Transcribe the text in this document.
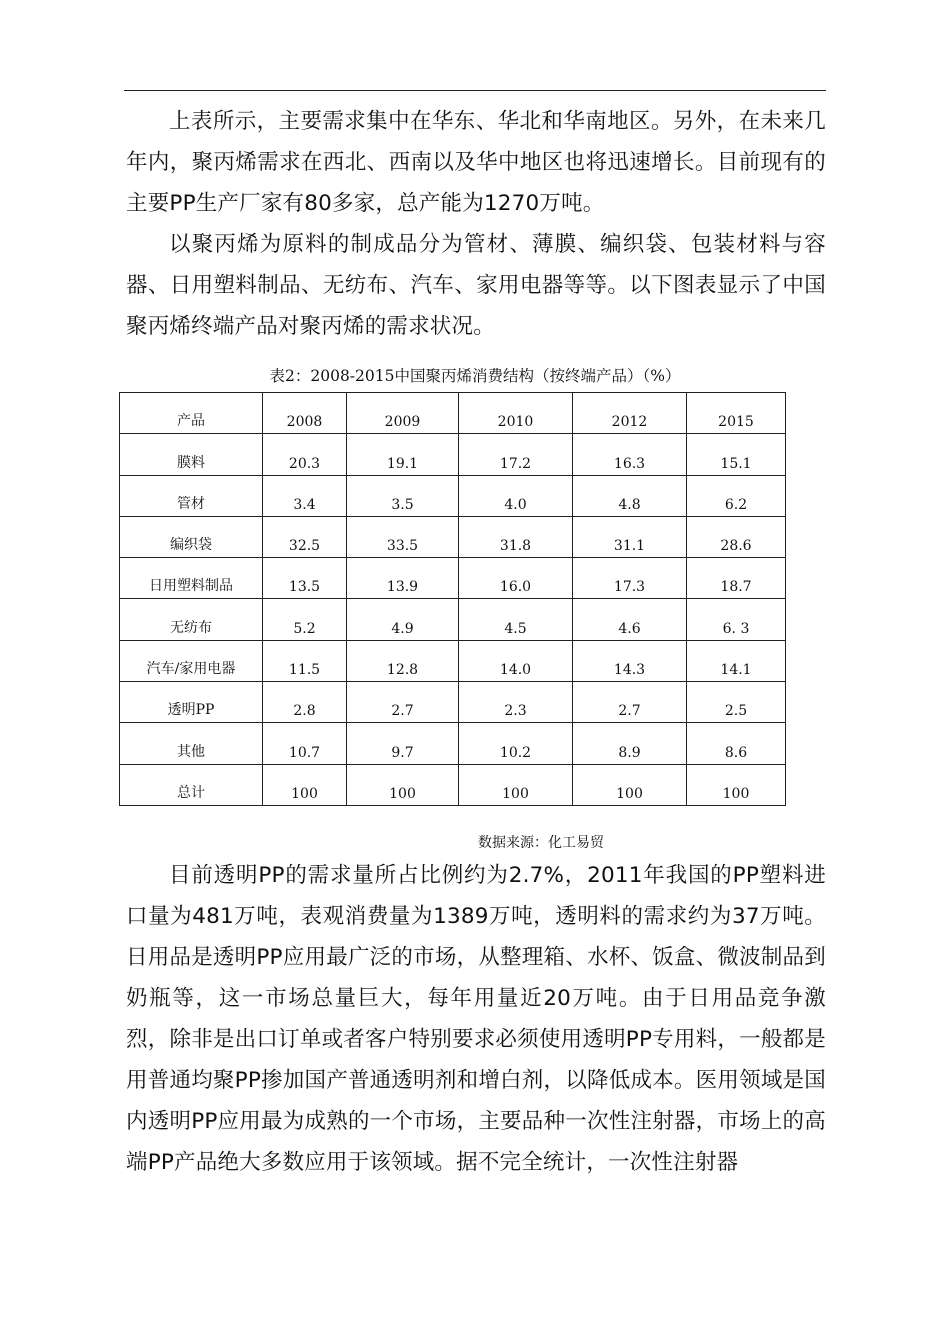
上表所示，主要需求集中在华东、华北和华南地区。另外，在未来几年内，聚丙烯需求在西北、西南以及华中地区也将迅速增长。目前现有的主要PP生产厂家有80多家，总产能为1270万吨。

以聚丙烯为原料的制成品分为管材、薄膜、编织袋、包装材料与容器、日用塑料制品、无纺布、汽车、家用电器等等。以下图表显示了中国聚丙烯终端产品对聚丙烯的需求状况。

表2：2008-2015中国聚丙烯消费结构（按终端产品）（%）
产品	2008	2009	2010	2012	2015
膜料	20.3	19.1	17.2	16.3	15.1
管材	3.4	3.5	4.0	4.8	6.2
编织袋	32.5	33.5	31.8	31.1	28.6
日用塑料制品	13.5	13.9	16.0	17.3	18.7
无纺布	5.2	4.9	4.5	4.6	6. 3
汽车/家用电器	11.5	12.8	14.0	14.3	14.1
透明PP	2.8	2.7	2.3	2.7	2.5
其他	10.7	9.7	10.2	8.9	8.6
总计	100	100	100	100	100
数据来源：化工易贸

目前透明PP的需求量所占比例约为2.7%，2011年我国的PP塑料进口量为481万吨，表观消费量为1389万吨，透明料的需求约为37万吨。日用品是透明PP应用最广泛的市场，从整理箱、水杯、饭盒、微波制品到奶瓶等，这一市场总量巨大，每年用量近20万吨。由于日用品竞争激烈，除非是出口订单或者客户特别要求必须使用透明PP专用料，一般都是用普通均聚PP掺加国产普通透明剂和增白剂，以降低成本。医用领域是国内透明PP应用最为成熟的一个市场，主要品种一次性注射器，市场上的高端PP产品绝大多数应用于该领域。据不完全统计，一次性注射器
